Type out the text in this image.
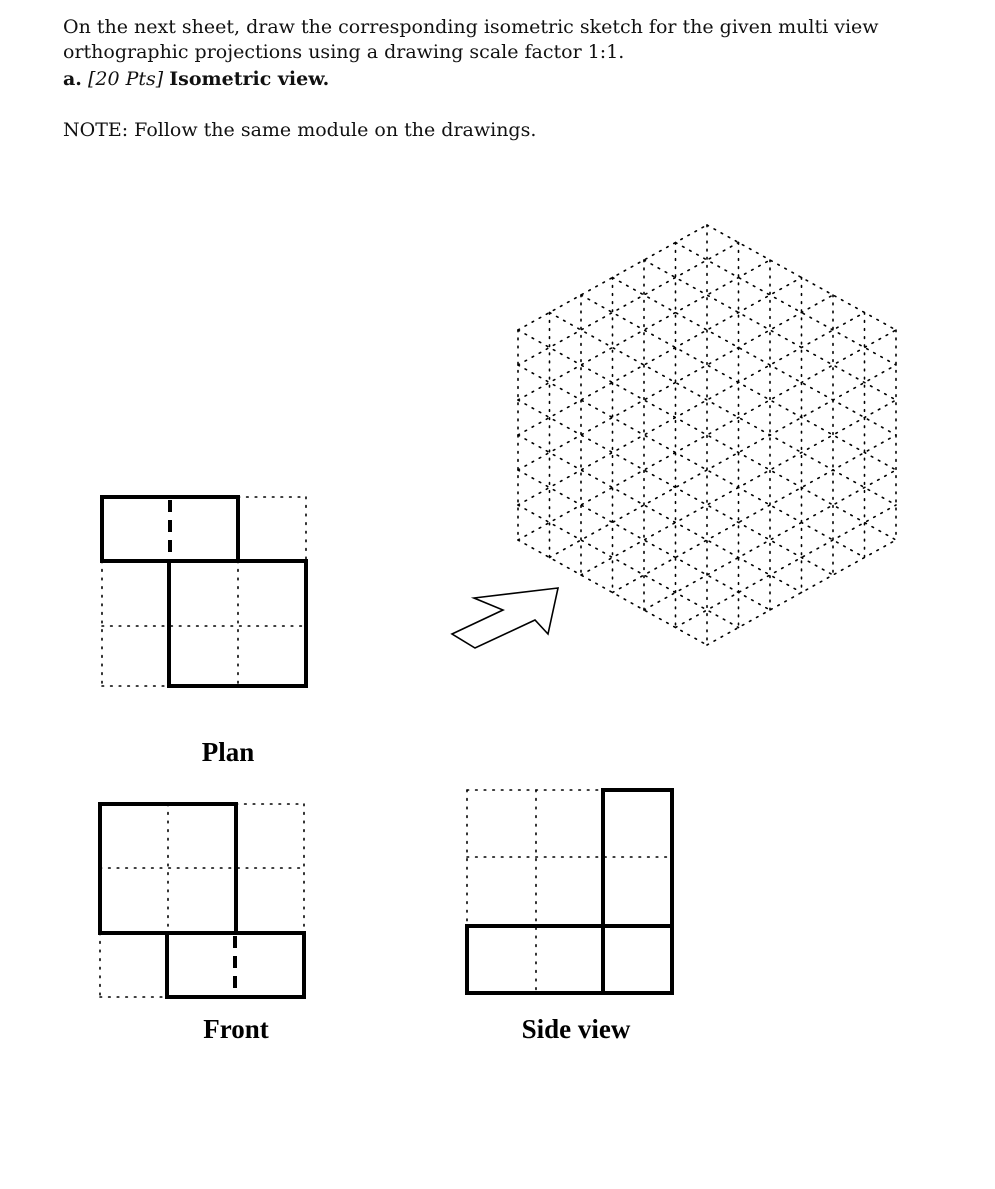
On the next sheet, draw the corresponding isometric sketch for the given multi view orthographic projections using a drawing scale factor 1:1.
a. [20 Pts] Isometric view.
NOTE: Follow the same module on the drawings.
Plan
Front	Side view
